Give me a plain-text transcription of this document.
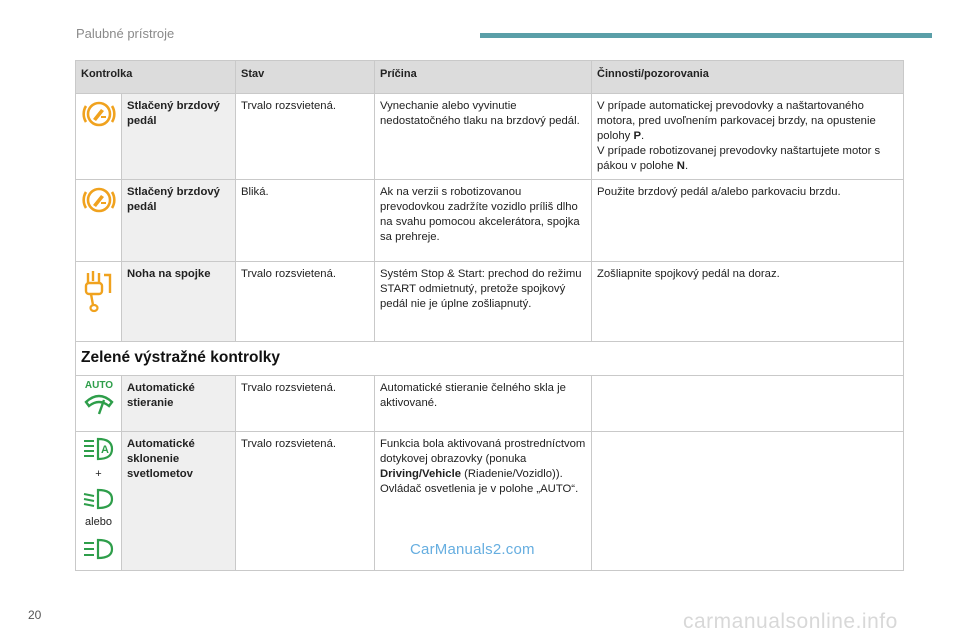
Palubné prístroje
Kontrolka		Stav	Príčina	Činnosti/pozorovania
	Stlačený brzdový pedál	Trvalo rozsvietená.	Vynechanie alebo vyvinutie nedostatočného tlaku na brzdový pedál.	V prípade automatickej prevodovky a naštartovaného motora, pred uvoľnením parkovacej brzdy, na opustenie polohy P.
V prípade robotizovanej prevodovky naštartujete motor s pákou v polohe N.
	Stlačený brzdový pedál	Bliká.	Ak na verzii s robotizovanou prevodovkou zadržíte vozidlo príliš dlho na svahu pomocou akcelerátora, spojka sa prehreje.	Použite brzdový pedál a/alebo parkovaciu brzdu.
	Noha na spojke	Trvalo rozsvietená.	Systém Stop & Start: prechod do režimu START odmietnutý, pretože spojkový pedál nie je úplne zošliapnutý.	Zošliapnite spojkový pedál na doraz.
Zelené výstražné kontrolky				

AUTO	Automatické stieranie	Trvalo rozsvietená.	Automatické stieranie čelného skla je aktivované.	

A

+

alebo	Automatické sklonenie svetlometov	Trvalo rozsvietená.	Funkcia bola aktivovaná prostredníctvom dotykovej obrazovky (ponuka Driving/Vehicle (Riadenie/Vozidlo)).
Ovládač osvetlenia je v polohe „AUTO“.	
CarManuals2.com
20	carmanualsonline.info
